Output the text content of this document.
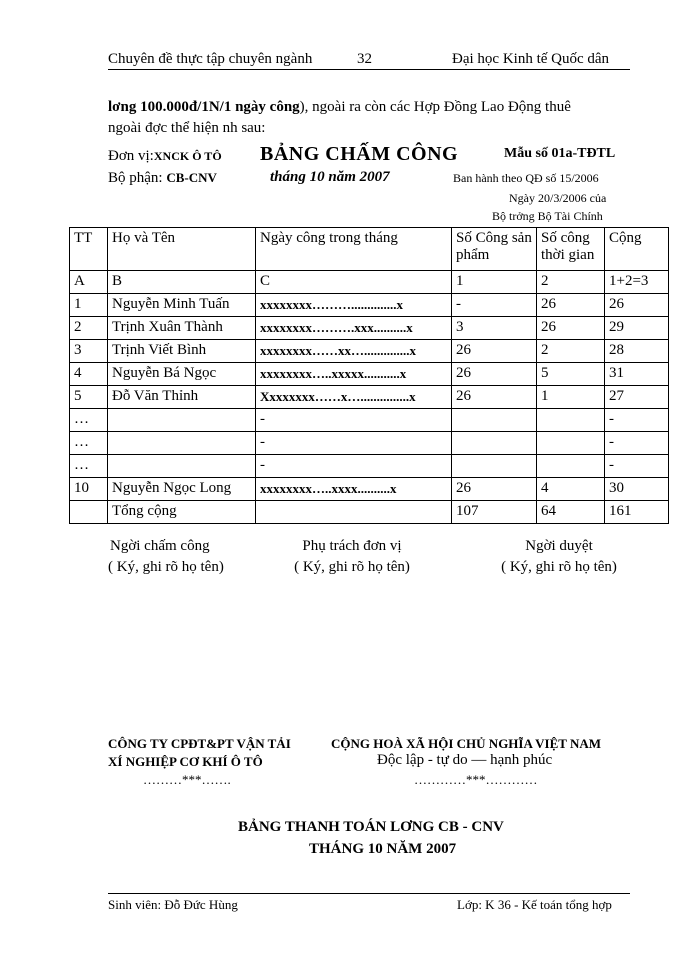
Chuyên đề thực tập chuyên ngành	32	Đại học Kinh tế Quốc dân
lơng 100.000đ/1N/1 ngày công), ngoài ra còn các Hợp Đồng Lao Động thuê
ngoài đợc thể hiện nh sau:
Đơn vị:XNCK Ô TÔ BẢNG CHẤM CÔNG	Mẫu số 01a-TĐTL
Bộ phận: CB-CNV	tháng 10 năm 2007	Ban hành theo QĐ số 15/2006
Ngày 20/3/2006 của
Bộ trởng Bộ Tài Chính
TT	Họ và Tên	Ngày công trong tháng	Số Công sản phẩm	Số công thời gian	Cộng
A	B	C	1	2	1+2=3
1	Nguyễn Minh Tuấn	xxxxxxxx………..............x	-	26	26
2	Trịnh Xuân Thành	xxxxxxxx……….xxx..........x	3	26	29
3	Trịnh Viết Bình	xxxxxxxx……xx…..............x	26	2	28
4	Nguyễn Bá Ngọc	xxxxxxxx…..xxxxx...........x	26	5	31
5	Đỗ Văn Thỉnh	Xxxxxxxx……x…...............x	26	1	27
…		-			-
…		-			-
…		-			-
10	Nguyễn Ngọc Long	xxxxxxxx…..xxxx..........x	26	4	30
	Tổng cộng		107	64	161
Ngời chấm công
( Ký, ghi rõ họ tên)
Phụ trách đơn vị
( Ký, ghi rõ họ tên)
Ngời duyệt
( Ký, ghi rõ họ tên)
CÔNG TY CPĐT&PT VẬN TẢI
XÍ NGHIỆP CƠ KHÍ Ô TÔ
………***…….
CỘNG HOÀ XÃ HỘI CHỦ NGHĨA VIỆT NAM
Độc lập - tự do — hạnh phúc
…………***…………
BẢNG THANH TOÁN LƠNG CB - CNV
THÁNG 10 NĂM 2007
Sinh viên: Đỗ Đức Hùng	Lớp: K 36 - Kế toán tổng hợp
